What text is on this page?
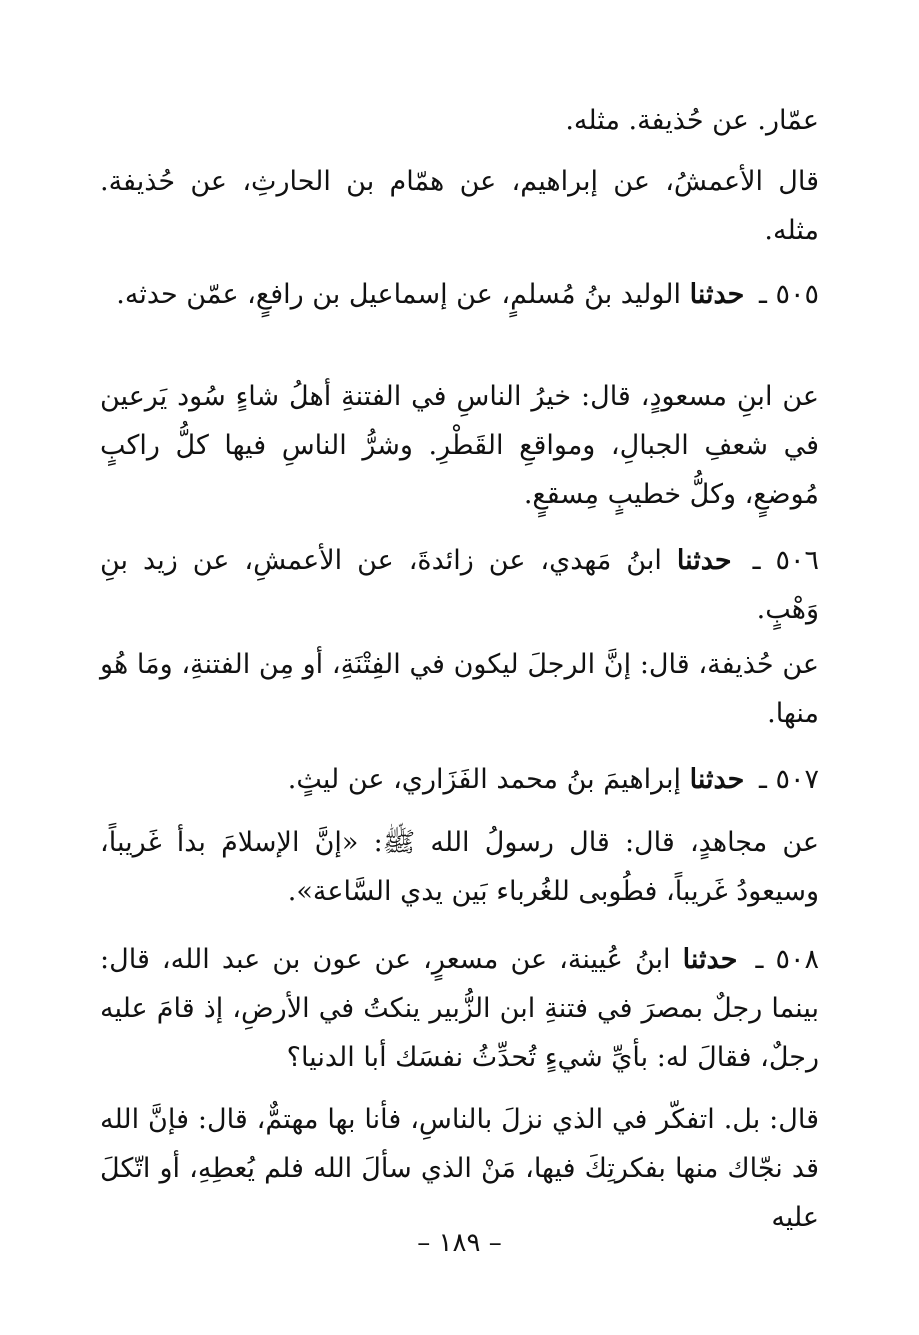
عمّار. عن حُذيفة. مثله.

قال الأعمشُ، عن إبراهيم، عن همّام بن الحارثِ، عن حُذيفة. مثله.

٥٠٥ ـ حدثنا الوليد بنُ مُسلمٍ، عن إسماعيل بن رافعٍ، عمّن حدثه.

عن ابنِ مسعودٍ، قال: خيرُ الناسِ في الفتنةِ أهلُ شاءٍ سُود يَرعين في شعفِ الجبالِ، ومواقعِ القَطْرِ. وشرُّ الناسِ فيها كلُّ راكبٍ مُوضعٍ، وكلُّ خطيبٍ مِسقعٍ.

٥٠٦ ـ حدثنا ابنُ مَهدي، عن زائدةَ، عن الأعمشِ، عن زيد بنِ وَهْبٍ.

عن حُذيفة، قال: إنَّ الرجلَ ليكون في الفِتْنَةِ، أو مِن الفتنةِ، ومَا هُو منها.

٥٠٧ ـ حدثنا إبراهيمَ بنُ محمد الفَزَاري، عن ليثٍ.

عن مجاهدٍ، قال: قال رسولُ الله ﷺ: «إنَّ الإسلامَ بدأ غَريباً، وسيعودُ غَريباً، فطُوبى للغُرباء بَين يدي السَّاعة».

٥٠٨ ـ حدثنا ابنُ عُيينة، عن مسعرٍ، عن عون بن عبد الله، قال: بينما رجلٌ بمصرَ في فتنةِ ابن الزُّبير ينكتُ في الأرضِ، إذ قامَ عليه رجلٌ، فقالَ له: بأيِّ شيءٍ تُحدِّثُ نفسَك أبا الدنيا؟

قال: بل. اتفكّر في الذي نزلَ بالناسِ، فأنا بها مهتمٌّ، قال: فإنَّ الله قد نجّاك منها بفكرتِكَ فيها، مَنْ الذي سألَ الله فلم يُعطِهِ، أو اتّكلَ عليه

– ١٨٩ –
